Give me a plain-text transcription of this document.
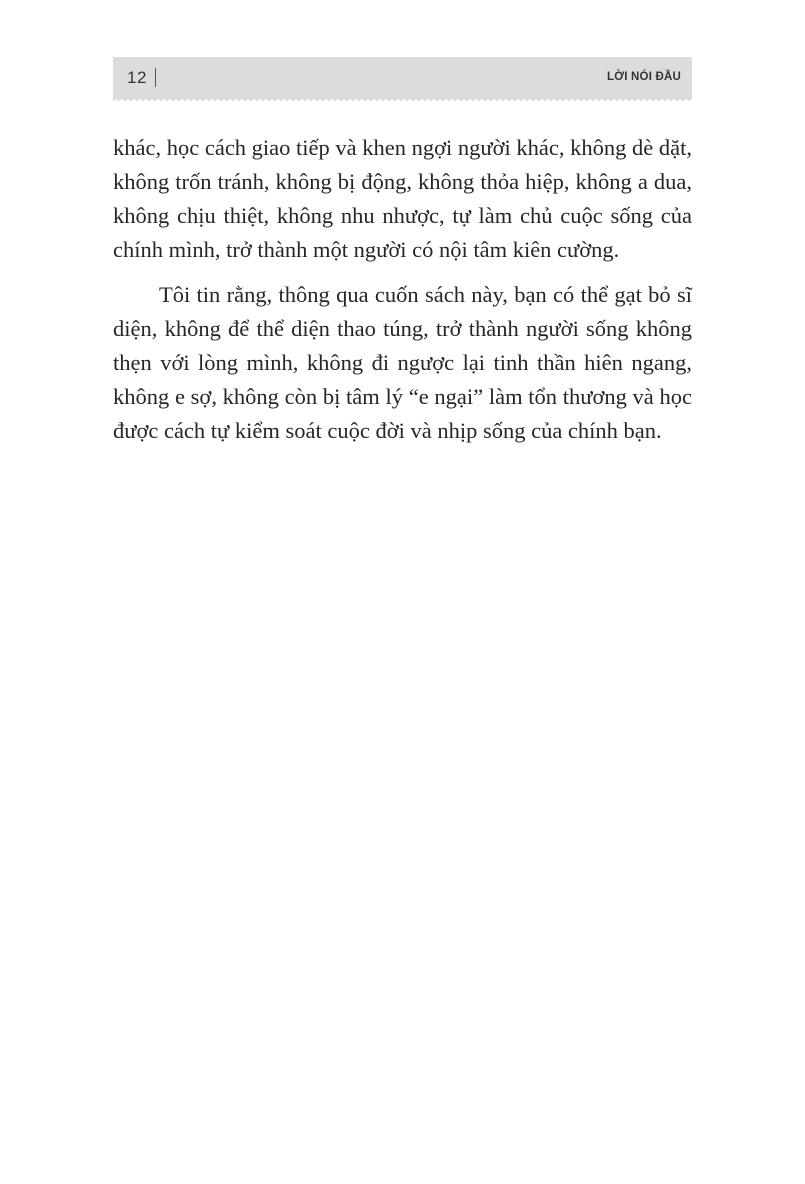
12	LỜI NÓI ĐẦU

khác, học cách giao tiếp và khen ngợi người khác, không dè dặt, không trốn tránh, không bị động, không thỏa hiệp, không a dua, không chịu thiệt, không nhu nhược, tự làm chủ cuộc sống của chính mình, trở thành một người có nội tâm kiên cường.

Tôi tin rằng, thông qua cuốn sách này, bạn có thể gạt bỏ sĩ diện, không để thể diện thao túng, trở thành người sống không thẹn với lòng mình, không đi ngược lại tinh thần hiên ngang, không e sợ, không còn bị tâm lý “e ngại” làm tổn thương và học được cách tự kiểm soát cuộc đời và nhịp sống của chính bạn.
